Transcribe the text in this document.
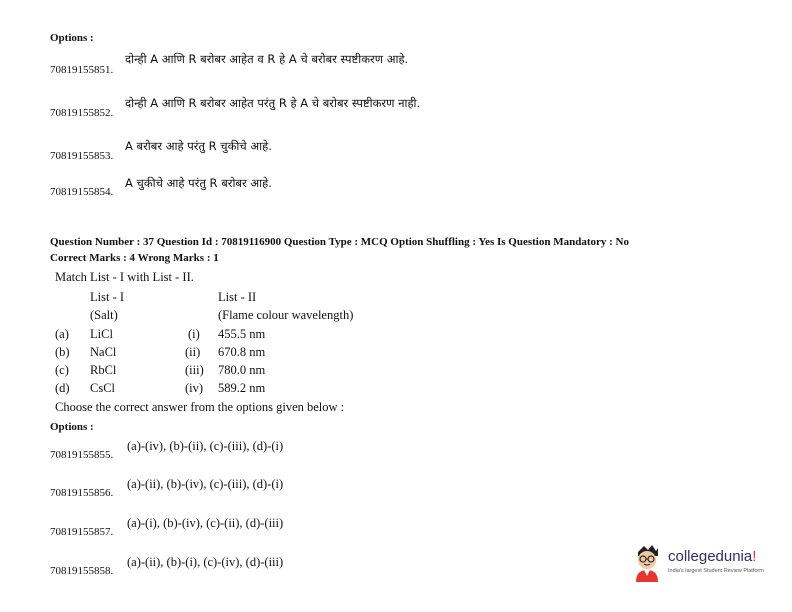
Options :
70819155851.
दोन्ही A आणि R बरोबर आहेत व R हे A चे बरोबर स्पष्टीकरण आहे.
70819155852.
दोन्ही A आणि R बरोबर आहेत परंतु R हे A चे बरोबर स्पष्टीकरण नाही.
70819155853.
A बरोबर आहे परंतु R चुकीचे आहे.
70819155854.
A चुकीचे आहे परंतु R बरोबर आहे.
Question Number : 37 Question Id : 70819116900 Question Type : MCQ Option Shuffling : Yes Is Question Mandatory : No
Correct Marks : 4 Wrong Marks : 1
Match List - I with List - II.
List - I	List - II
(Salt)	(Flame colour wavelength)
(a) LiCl	(i) 455.5 nm
(b) NaCl	(ii) 670.8 nm
(c) RbCl	(iii) 780.0 nm
(d) CsCl	(iv) 589.2 nm
Choose the correct answer from the options given below :
Options :
70819155855.
(a)-(iv), (b)-(ii), (c)-(iii), (d)-(i)
70819155856.
(a)-(ii), (b)-(iv), (c)-(iii), (d)-(i)
70819155857.
(a)-(i), (b)-(iv), (c)-(ii), (d)-(iii)
70819155858.
(a)-(ii), (b)-(i), (c)-(iv), (d)-(iii)	collegedunia!
India's largest Student Review Platform
